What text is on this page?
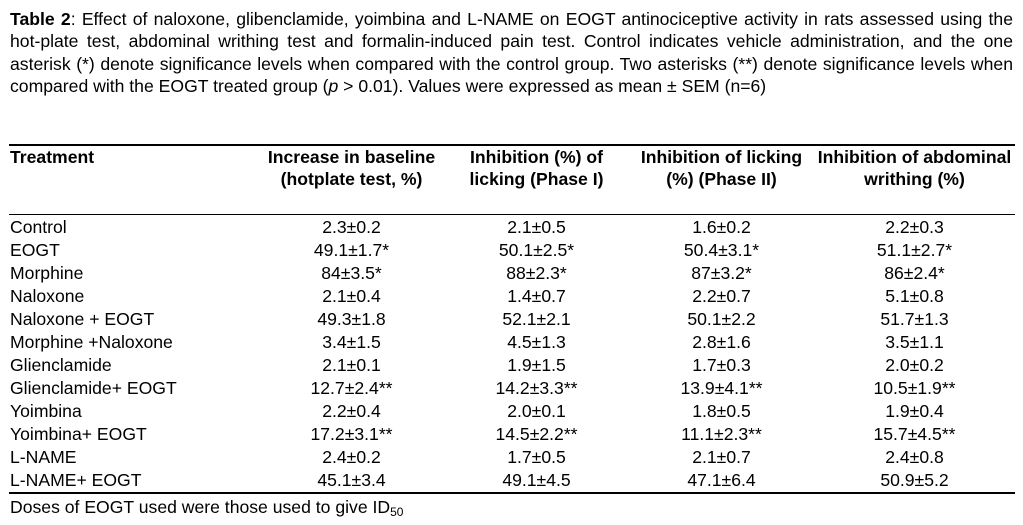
Table 2: Effect of naloxone, glibenclamide, yoimbina and L-NAME on EOGT antinociceptive activity in rats assessed using the hot-plate test, abdominal writhing test and formalin-induced pain test. Control indicates vehicle administration, and the one asterisk (*) denote significance levels when compared with the control group. Two asterisks (**) denote significance levels when compared with the EOGT treated group (p > 0.01). Values were expressed as mean ± SEM (n=6)
Treatment	Increase in baseline (hotplate test, %)	Inhibition (%) of licking (Phase I)	Inhibition of licking (%) (Phase II)	Inhibition of abdominal writhing (%)
Control	2.3±0.2	2.1±0.5	1.6±0.2	2.2±0.3
EOGT	49.1±1.7*	50.1±2.5*	50.4±3.1*	51.1±2.7*
Morphine	84±3.5*	88±2.3*	87±3.2*	86±2.4*
Naloxone	2.1±0.4	1.4±0.7	2.2±0.7	5.1±0.8
Naloxone + EOGT	49.3±1.8	52.1±2.1	50.1±2.2	51.7±1.3
Morphine +Naloxone	3.4±1.5	4.5±1.3	2.8±1.6	3.5±1.1
Glienclamide	2.1±0.1	1.9±1.5	1.7±0.3	2.0±0.2
Glienclamide+ EOGT	12.7±2.4**	14.2±3.3**	13.9±4.1**	10.5±1.9**
Yoimbina	2.2±0.4	2.0±0.1	1.8±0.5	1.9±0.4
Yoimbina+ EOGT	17.2±3.1**	14.5±2.2**	11.1±2.3**	15.7±4.5**
L-NAME	2.4±0.2	1.7±0.5	2.1±0.7	2.4±0.8
L-NAME+ EOGT	45.1±3.4	49.1±4.5	47.1±6.4	50.9±5.2
Doses of EOGT used were those used to give $ID_{50}$
